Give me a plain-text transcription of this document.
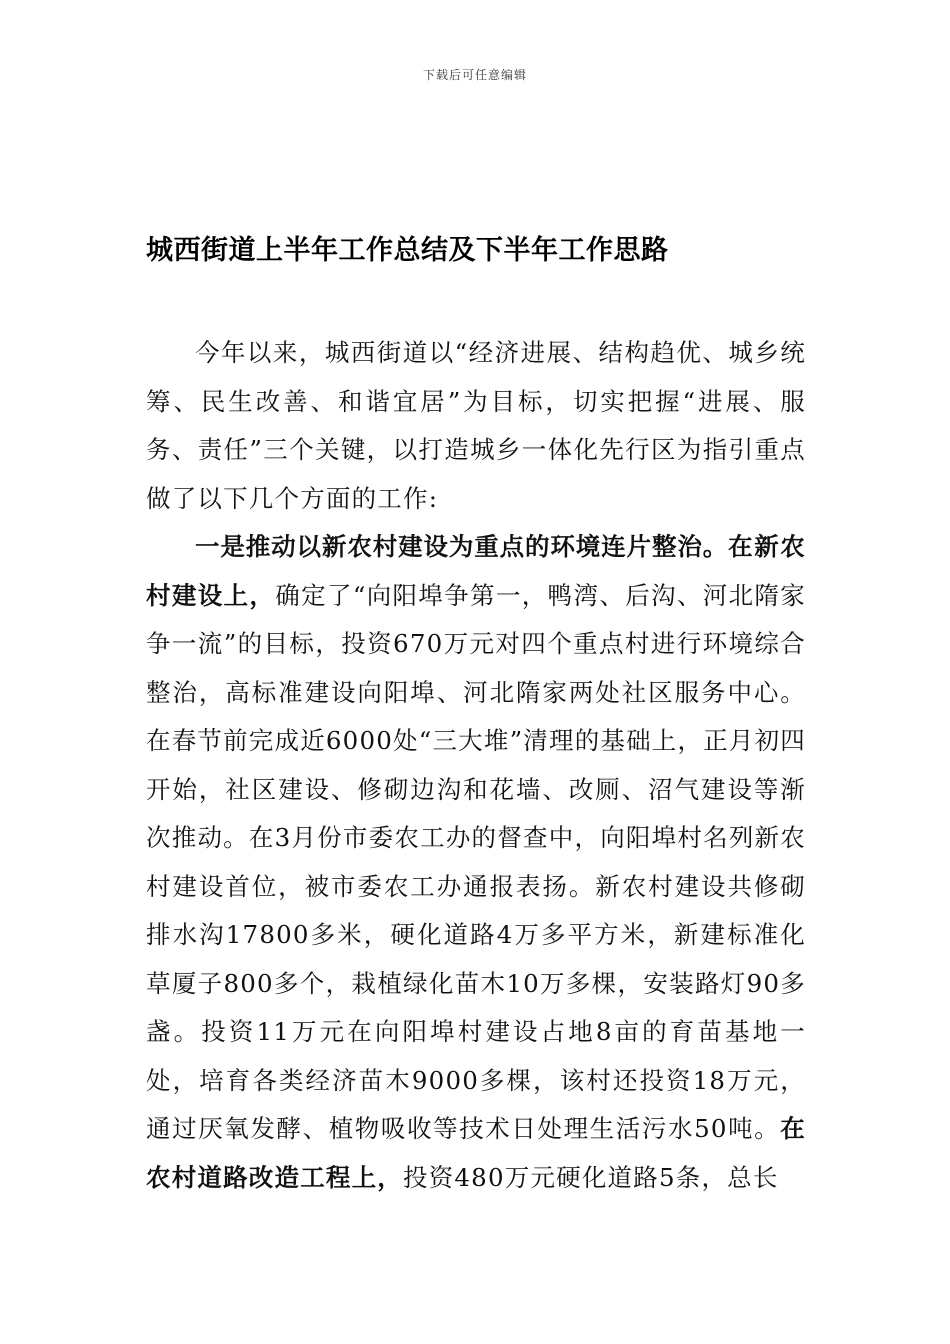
下载后可任意编辑
城西街道上半年工作总结及下半年工作思路

今年以来，城西街道以“经济进展、结构趋优、城乡统筹、民生改善、和谐宜居”为目标，切实把握“进展、服务、责任”三个关键，以打造城乡一体化先行区为指引重点做了以下几个方面的工作:

一是推动以新农村建设为重点的环境连片整治。在新农村建设上，确定了“向阳埠争第一，鸭湾、后沟、河北隋家争一流”的目标，投资670万元对四个重点村进行环境综合整治，高标准建设向阳埠、河北隋家两处社区服务中心。在春节前完成近6000处“三大堆”清理的基础上，正月初四开始，社区建设、修砌边沟和花墙、改厕、沼气建设等渐次推动。在3月份市委农工办的督查中，向阳埠村名列新农村建设首位，被市委农工办通报表扬。新农村建设共修砌排水沟17800多米，硬化道路4万多平方米，新建标准化草厦子800多个，栽植绿化苗木10万多棵，安装路灯90多盏。投资11万元在向阳埠村建设占地8亩的育苗基地一处，培育各类经济苗木9000多棵，该村还投资18万元，通过厌氧发酵、植物吸收等技术日处理生活污水50吨。在农村道路改造工程上，投资480万元硬化道路5条，总长
